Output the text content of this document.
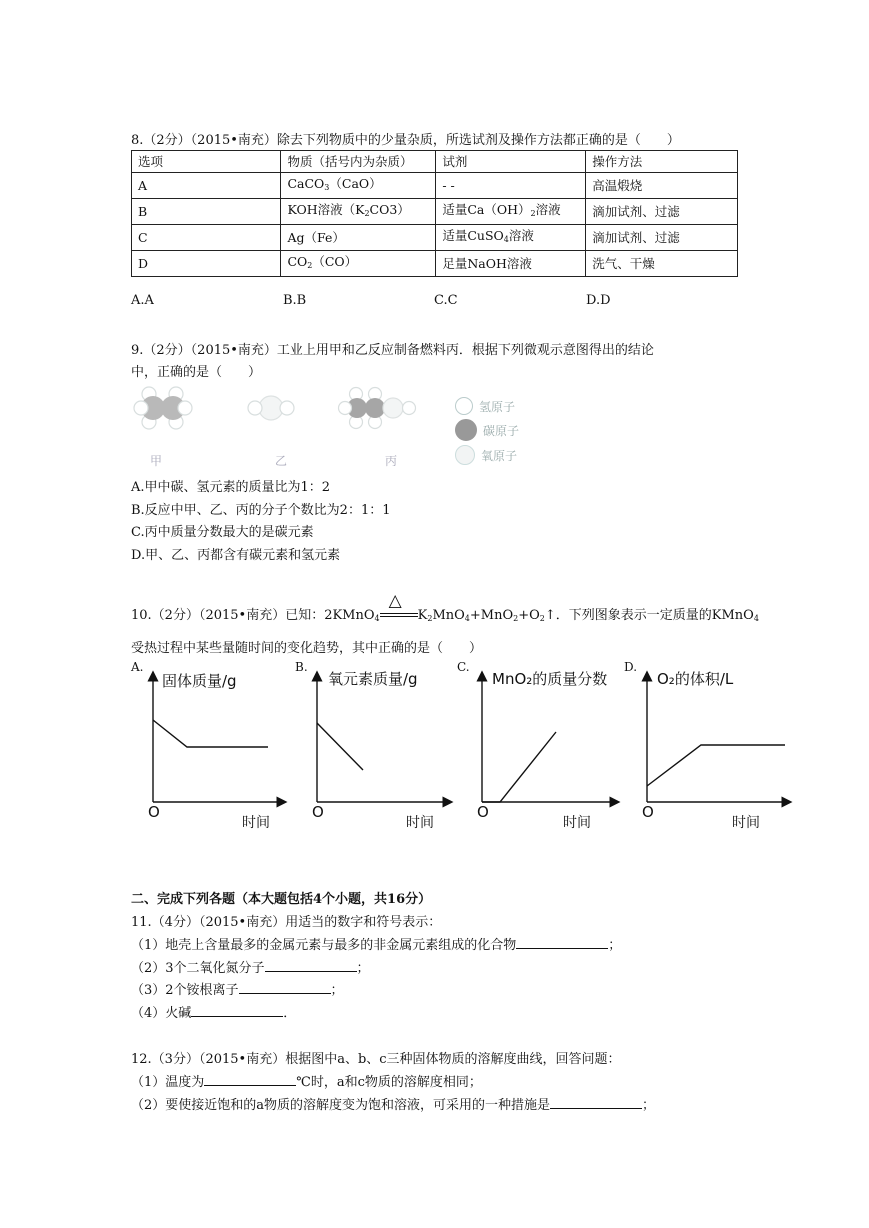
8.（2分）（2015•南充）除去下列物质中的少量杂质，所选试剂及操作方法都正确的是（　　）
选项	物质（括号内为杂质）	试剂	操作方法
A	CaCO$_3$（CaO）	- -	高温煅烧
B	KOH溶液$(K_2CO3)$	适量$Ca(OH)_2$溶液	滴加试剂、过滤
C	Ag（Fe）	适量CuSO$_4$溶液	滴加试剂、过滤
D	$CO_2(CO)$	足量NaOH溶液	洗气、干燥
A.A	B.B	C.C	D.D
9.（2分）（2015•南充）工业上用甲和乙反应制备燃料丙．根据下列微观示意图得出的结论
中，正确的是（　　）
甲	乙	丙
氢原子
碳原子
氧原子
A.甲中碳、氢元素的质量比为1：2
B.反应中甲、乙、丙的分子个数比为2：1：1
C.丙中质量分数最大的是碳元素
D.甲、乙、丙都含有碳元素和氢元素
10.（2分）（2015•南充）已知：2KMnO$_4$
△
$K_2MnO_4+MnO_2+O_2↑$．下列图象表示一定质量的KMnO$_4$
受热过程中某些量随时间的变化趋势，其中正确的是（　　）
A.	B.	C.	D.
固体质量/g	氧元素质量/g	MnO₂的质量分数	O₂的体积/L
O	O	O	O
时间	时间	时间	时间
二、完成下列各题（本大题包括4个小题，共16分）
11.（4分）（2015•南充）用适当的数字和符号表示：
（1）地壳上含量最多的金属元素与最多的非金属元素组成的化合物	；
（2）3个二氧化氮分子	；
（3）2个铵根离子	；
（4）火碱	．
12.（3分）（2015•南充）根据图中a、b、c三种固体物质的溶解度曲线，回答问题：
（1）温度为	℃时，a和c物质的溶解度相同；
（2）要使接近饱和的a物质的溶解度变为饱和溶液，可采用的一种措施是	；
